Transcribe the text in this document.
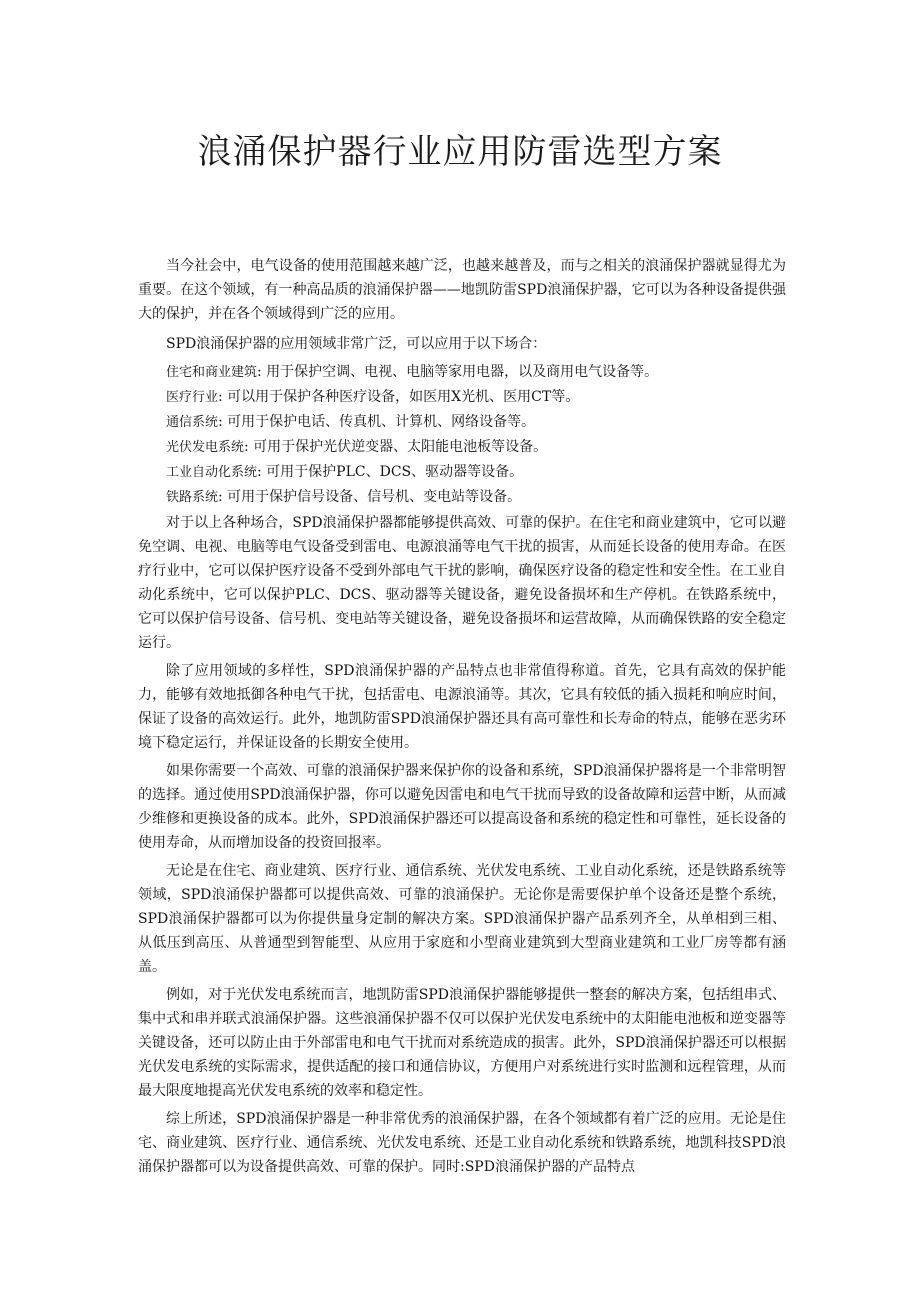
浪涌保护器行业应用防雷选型方案

当今社会中，电气设备的使用范围越来越广泛，也越来越普及，而与之相关的浪涌保护器就显得尤为重要。在这个领域，有一种高品质的浪涌保护器——地凯防雷SPD浪涌保护器，它可以为各种设备提供强大的保护，并在各个领域得到广泛的应用。

SPD浪涌保护器的应用领域非常广泛，可以应用于以下场合：

住宅和商业建筑: 用于保护空调、电视、电脑等家用电器，以及商用电气设备等。
医疗行业: 可以用于保护各种医疗设备，如医用X光机、医用CT等。
通信系统: 可用于保护电话、传真机、计算机、网络设备等。
光伏发电系统: 可用于保护光伏逆变器、太阳能电池板等设备。
工业自动化系统: 可用于保护PLC、DCS、驱动器等设备。
铁路系统: 可用于保护信号设备、信号机、变电站等设备。

对于以上各种场合，SPD浪涌保护器都能够提供高效、可靠的保护。在住宅和商业建筑中，它可以避免空调、电视、电脑等电气设备受到雷电、电源浪涌等电气干扰的损害，从而延长设备的使用寿命。在医疗行业中，它可以保护医疗设备不受到外部电气干扰的影响，确保医疗设备的稳定性和安全性。在工业自动化系统中，它可以保护PLC、DCS、驱动器等关键设备，避免设备损坏和生产停机。在铁路系统中，它可以保护信号设备、信号机、变电站等关键设备，避免设备损坏和运营故障，从而确保铁路的安全稳定运行。

除了应用领域的多样性，SPD浪涌保护器的产品特点也非常值得称道。首先，它具有高效的保护能力，能够有效地抵御各种电气干扰，包括雷电、电源浪涌等。其次，它具有较低的插入损耗和响应时间，保证了设备的高效运行。此外，地凯防雷SPD浪涌保护器还具有高可靠性和长寿命的特点，能够在恶劣环境下稳定运行，并保证设备的长期安全使用。

如果你需要一个高效、可靠的浪涌保护器来保护你的设备和系统，SPD浪涌保护器将是一个非常明智的选择。通过使用SPD浪涌保护器，你可以避免因雷电和电气干扰而导致的设备故障和运营中断，从而减少维修和更换设备的成本。此外，SPD浪涌保护器还可以提高设备和系统的稳定性和可靠性，延长设备的使用寿命，从而增加设备的投资回报率。

无论是在住宅、商业建筑、医疗行业、通信系统、光伏发电系统、工业自动化系统，还是铁路系统等领域，SPD浪涌保护器都可以提供高效、可靠的浪涌保护。无论你是需要保护单个设备还是整个系统，SPD浪涌保护器都可以为你提供量身定制的解决方案。SPD浪涌保护器产品系列齐全，从单相到三相、从低压到高压、从普通型到智能型、从应用于家庭和小型商业建筑到大型商业建筑和工业厂房等都有涵盖。

例如，对于光伏发电系统而言，地凯防雷SPD浪涌保护器能够提供一整套的解决方案，包括组串式、集中式和串并联式浪涌保护器。这些浪涌保护器不仅可以保护光伏发电系统中的太阳能电池板和逆变器等关键设备，还可以防止由于外部雷电和电气干扰而对系统造成的损害。此外，SPD浪涌保护器还可以根据光伏发电系统的实际需求，提供适配的接口和通信协议，方便用户对系统进行实时监测和远程管理，从而最大限度地提高光伏发电系统的效率和稳定性。

综上所述，SPD浪涌保护器是一种非常优秀的浪涌保护器，在各个领域都有着广泛的应用。无论是住宅、商业建筑、医疗行业、通信系统、光伏发电系统、还是工业自动化系统和铁路系统，地凯科技SPD浪涌保护器都可以为设备提供高效、可靠的保护。同时:SPD浪涌保护器的产品特点
